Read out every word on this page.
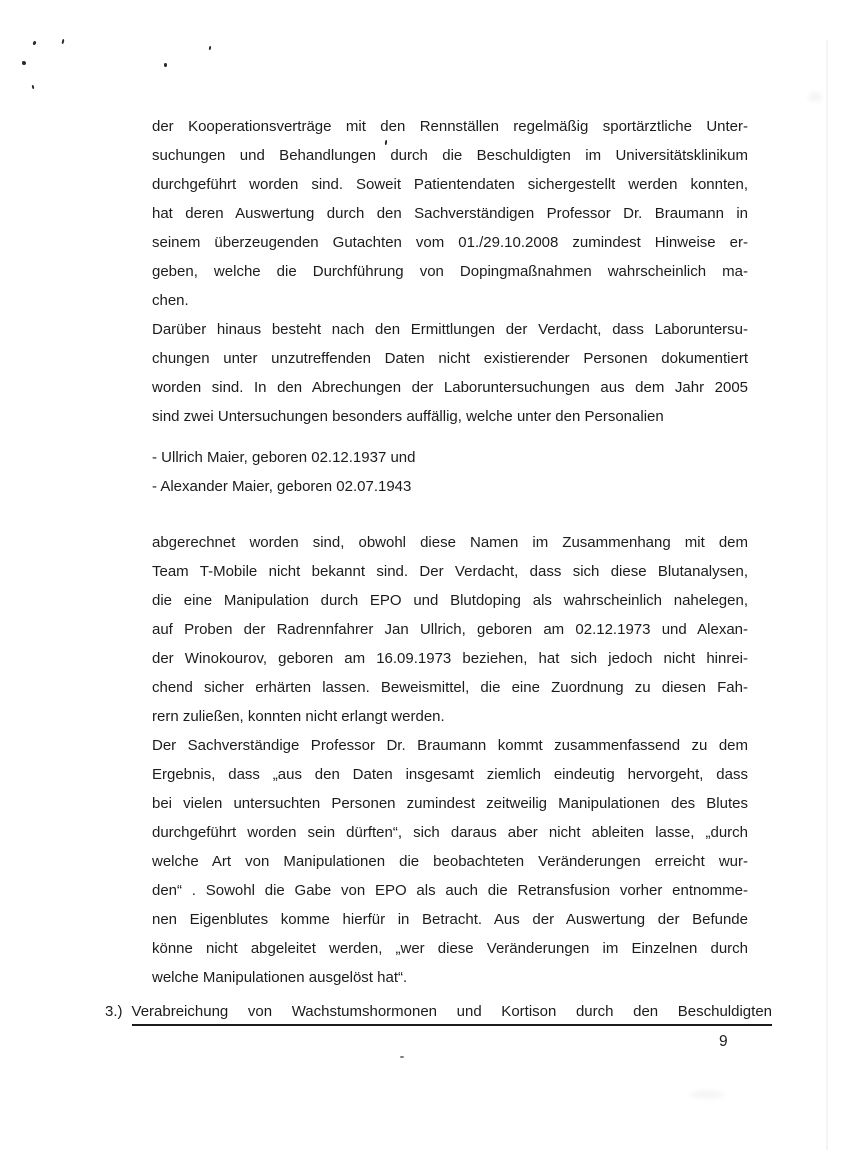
der Kooperationsverträge mit den Rennställen regelmäßig sportärztliche Unter-
suchungen und Behandlungen durch die Beschuldigten im Universitätsklinikum
durchgeführt worden sind. Soweit Patientendaten sichergestellt werden konnten,
hat deren Auswertung durch den Sachverständigen Professor Dr. Braumann in
seinem überzeugenden Gutachten vom 01./29.10.2008 zumindest Hinweise er-
geben, welche die Durchführung von Dopingmaßnahmen wahrscheinlich ma-
chen.
Darüber hinaus besteht nach den Ermittlungen der Verdacht, dass Laboruntersu-
chungen unter unzutreffenden Daten nicht existierender Personen dokumentiert
worden sind. In den Abrechungen der Laboruntersuchungen aus dem Jahr 2005
sind zwei Untersuchungen besonders auffällig, welche unter den Personalien
- Ullrich Maier, geboren 02.12.1937 und
- Alexander Maier, geboren 02.07.1943
abgerechnet worden sind, obwohl diese Namen im Zusammenhang mit dem
Team T-Mobile nicht bekannt sind. Der Verdacht, dass sich diese Blutanalysen,
die eine Manipulation durch EPO und Blutdoping als wahrscheinlich nahelegen,
auf Proben der Radrennfahrer Jan Ullrich, geboren am 02.12.1973 und Alexan-
der Winokourov, geboren am 16.09.1973 beziehen, hat sich jedoch nicht hinrei-
chend sicher erhärten lassen. Beweismittel, die eine Zuordnung zu diesen Fah-
rern zuließen, konnten nicht erlangt werden.
Der Sachverständige Professor Dr. Braumann kommt zusammenfassend zu dem
Ergebnis, dass „aus den Daten insgesamt ziemlich eindeutig hervorgeht, dass
bei vielen untersuchten Personen zumindest zeitweilig Manipulationen des Blutes
durchgeführt worden sein dürften“, sich daraus aber nicht ableiten lasse, „durch
welche Art von Manipulationen die beobachteten Veränderungen erreicht wur-
den“ . Sowohl die Gabe von EPO als auch die Retransfusion vorher entnomme-
nen Eigenblutes komme hierfür in Betracht. Aus der Auswertung der Befunde
könne nicht abgeleitet werden, „wer diese Veränderungen im Einzelnen durch
welche Manipulationen ausgelöst hat“.
3.) Verabreichung von Wachstumshormonen und Kortison durch den Beschuldigten
9
